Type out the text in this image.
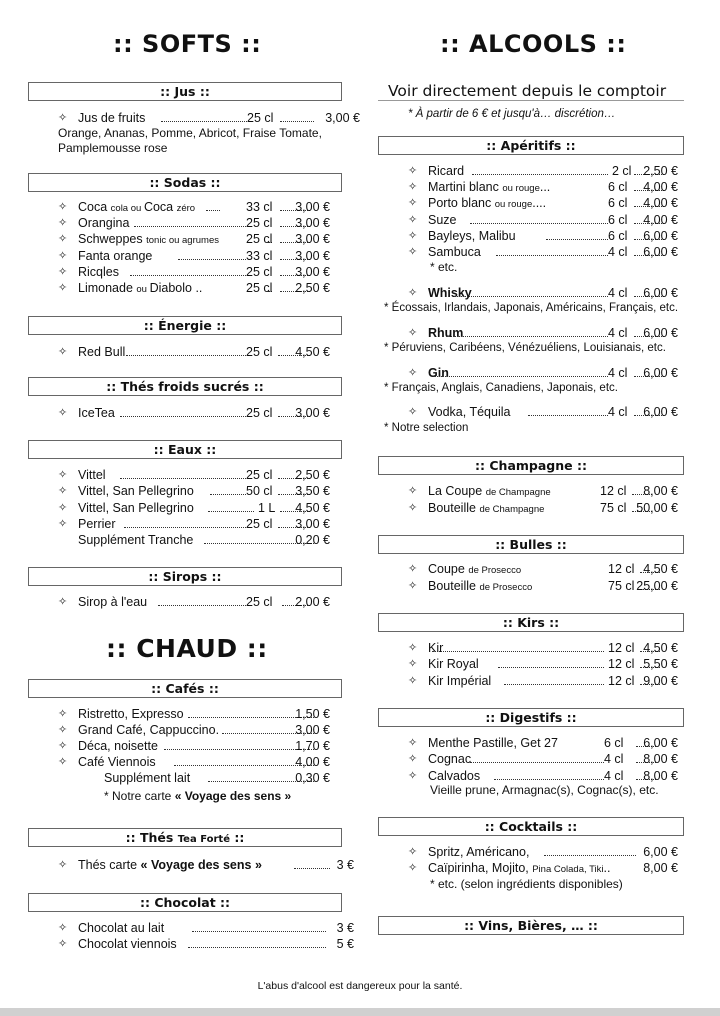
:: SOFTS ::
:: Jus ::
✧ Jus de fruits	25 cl	3,00 €
Orange, Ananas, Pomme, Abricot, Fraise Tomate,
Pamplemousse rose
:: Sodas ::
✧ Coca cola ou Coca zéro	33 cl 3,00 €
✧ Orangina	25 cl 3,00 €
✧ Schweppes tonic ou agrumes 25 cl 3,00 €
✧ Fanta orange	33 cl 3,00 €
✧ Ricqles	25 cl 3,00 €
✧ Limonade ou Diabolo ..	25 cl 2,50 €
:: Énergie ::
✧ Red Bull	25 cl 4,50 €
:: Thés froids sucrés ::
✧ IceTea	25 cl 3,00 €
:: Eaux ::
✧ Vittel	25 cl 2,50 €
✧ Vittel, San Pellegrino	50 cl 3,50 €
✧ Vittel, San Pellegrino	1 L 4,50 €
✧ Perrier	25 cl 3,00 €
Supplément Tranche	0,20 €
:: Sirops ::
✧ Sirop à l'eau	25 cl 2,00 €
:: CHAUD ::
:: Cafés ::
✧ Ristretto, Expresso	1,50 €
✧ Grand Café, Cappuccino.	3,00 €
✧ Déca, noisette	1,70 €
✧ Café Viennois	4,00 €
Supplément lait	0,30 €
* Notre carte « Voyage des sens »
:: Thés Tea Forté ::
✧ Thés carte « Voyage des sens »	3 €
:: Chocolat ::
✧ Chocolat au lait	3 €
✧ Chocolat viennois	5 €
:: ALCOOLS ::
Voir directement depuis le comptoir
* À partir de 6 € et jusqu'à… discrétion…
:: Apéritifs ::
✧ Ricard	2 cl 2,50 €
✧ Martini blanc ou rouge...	6 cl 4,00 €
✧ Porto blanc ou rouge....	6 cl 4,00 €
✧ Suze	6 cl 4,00 €
✧ Bayleys, Malibu	6 cl 6,00 €
✧ Sambuca	4 cl 6,00 €
* etc.
✧ Whisky	4 cl 6,00 €
* Écossais, Irlandais, Japonais, Américains, Français, etc.
✧ Rhum	4 cl 6,00 €
* Péruviens, Caribéens, Vénézuéliens, Louisianais, etc.
✧ Gin	4 cl 6,00 €
* Français, Anglais, Canadiens, Japonais, etc.
✧ Vodka, Téquila	4 cl 6,00 €
* Notre selection
:: Champagne ::
✧ La Coupe de Champagne	12 cl 8,00 €
✧ Bouteille de Champagne	75 cl 50,00 €
:: Bulles ::
✧ Coupe de Prosecco	12 cl 4,50 €
✧ Bouteille de Prosecco	75 cl 25,00 €
:: Kirs ::
✧ Kir	12 cl 4,50 €
✧ Kir Royal	12 cl 5,50 €
✧ Kir Impérial	12 cl 9,00 €
:: Digestifs ::
✧ Menthe Pastille, Get 27	6 cl 6,00 €
✧ Cognac	4 cl 8,00 €
✧ Calvados	4 cl 8,00 €
Vieille prune, Armagnac(s), Cognac(s), etc.
:: Cocktails ::
✧ Spritz, Américano,	6,00 €
✧ Caïpirinha, Mojito, Pina Colada, Tiki..	8,00 €
* etc. (selon ingrédients disponibles)
:: Vins, Bières, … ::
L'abus d'alcool est dangereux pour la santé.
